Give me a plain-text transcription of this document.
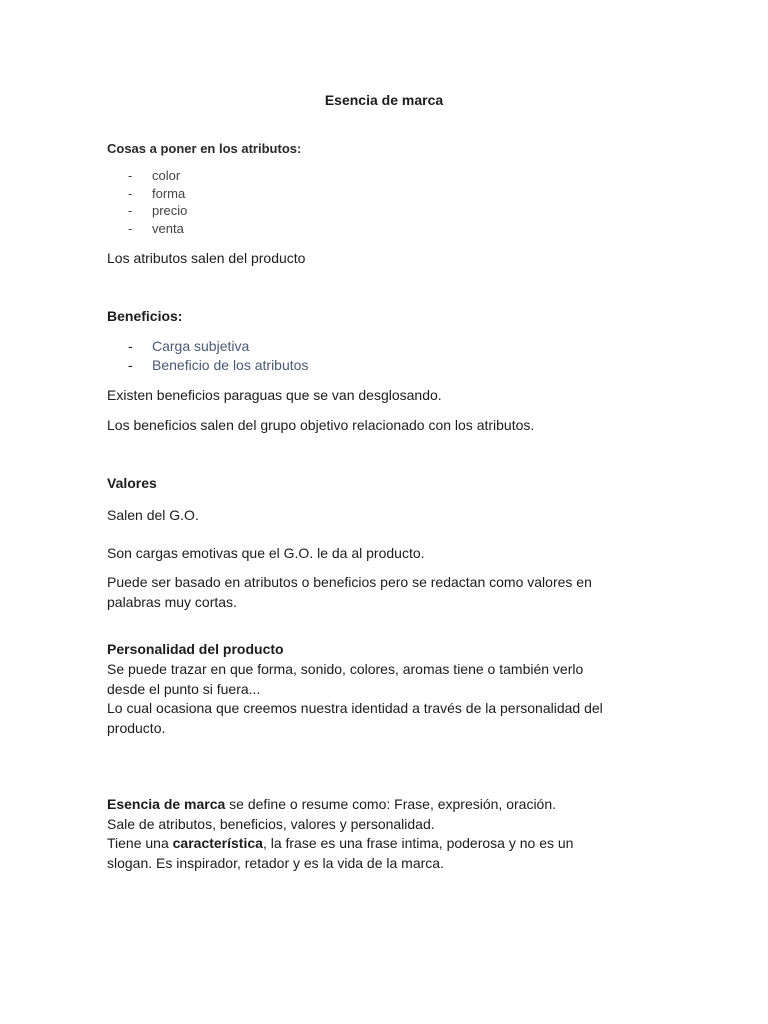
Esencia de marca
Cosas a poner en los atributos:
- color
- forma
- precio
- venta
Los atributos salen del producto
Beneficios:
- Carga subjetiva
- Beneficio de los atributos
Existen beneficios paraguas que se van desglosando.
Los beneficios salen del grupo objetivo relacionado con los atributos.
Valores
Salen del G.O.
Son cargas emotivas que el G.O. le da al producto.
Puede ser basado en atributos o beneficios pero se redactan como valores en
palabras muy cortas.
Personalidad del producto
Se puede trazar en que forma, sonido, colores, aromas tiene o también verlo
desde el punto si fuera...
Lo cual ocasiona que creemos nuestra identidad a través de la personalidad del
producto.
Esencia de marca se define o resume como: Frase, expresión, oración.
Sale de atributos, beneficios, valores y personalidad.
Tiene una característica, la frase es una frase intima, poderosa y no es un
slogan. Es inspirador, retador y es la vida de la marca.
